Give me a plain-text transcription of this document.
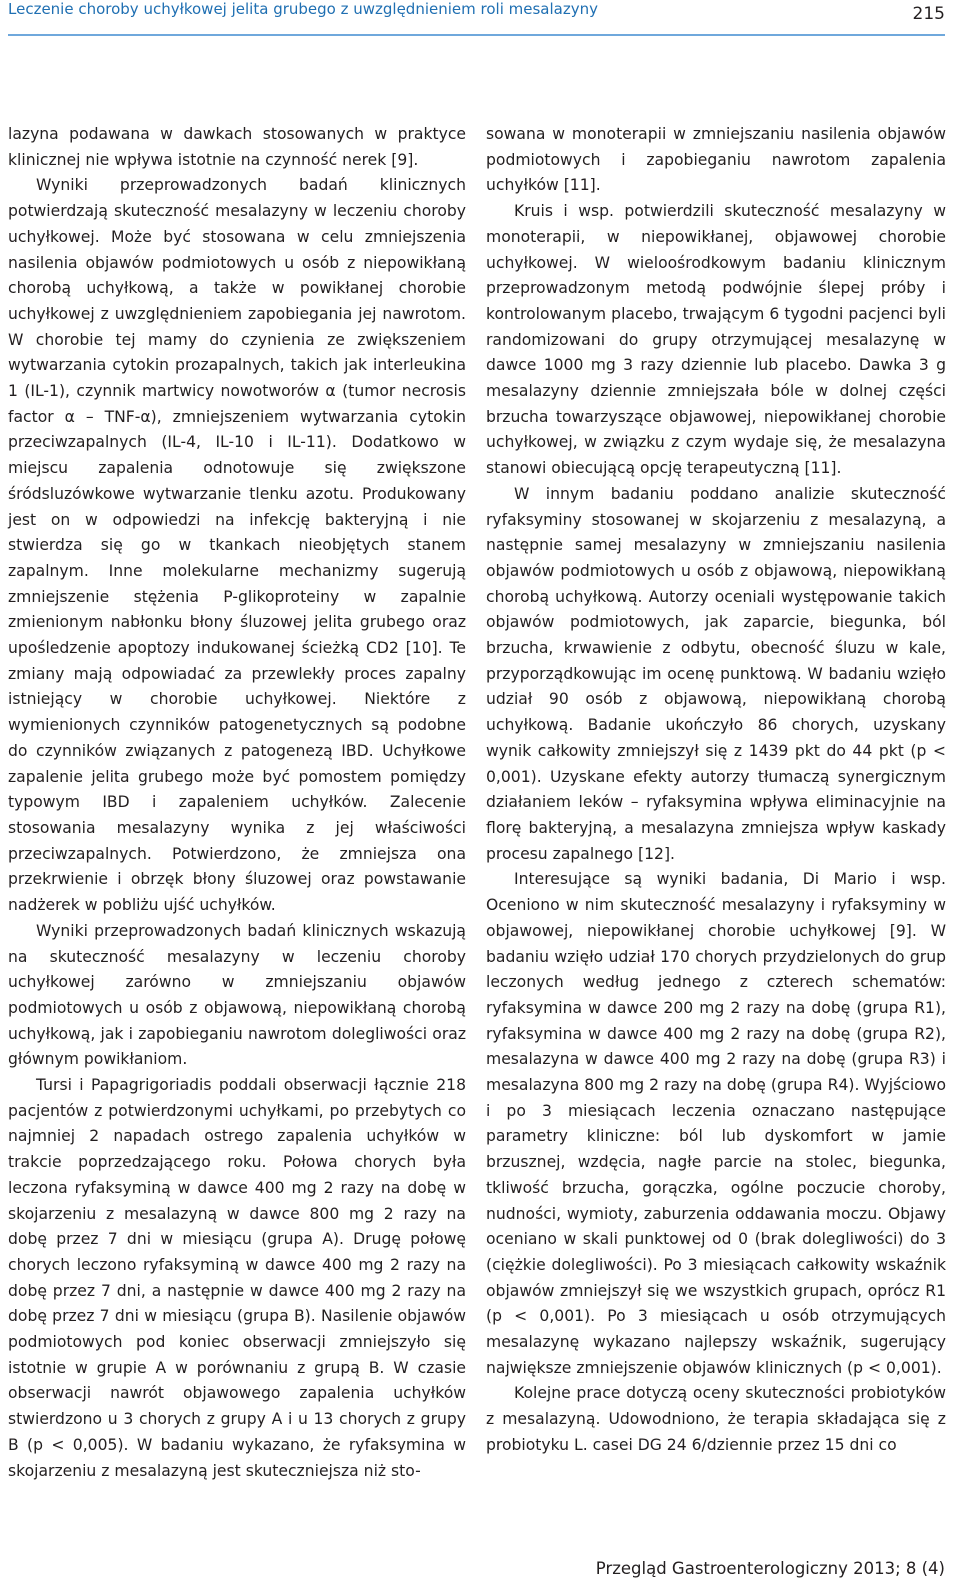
Leczenie choroby uchyłkowej jelita grubego z uwzględnieniem roli mesalazyny	215

lazyna podawana w dawkach stosowanych w praktyce klinicznej nie wpływa istotnie na czynność nerek [9].

Wyniki przeprowadzonych badań klinicznych potwierdzają skuteczność mesalazyny w leczeniu choroby uchyłkowej. Może być stosowana w celu zmniejszenia nasilenia objawów podmiotowych u osób z niepowikłaną chorobą uchyłkową, a także w powikłanej chorobie uchyłkowej z uwzględnieniem zapobiegania jej nawrotom. W chorobie tej mamy do czynienia ze zwiększeniem wytwarzania cytokin prozapalnych, takich jak interleukina 1 (IL-1), czynnik martwicy nowotworów α (tumor necrosis factor α – TNF-α), zmniejszeniem wytwarzania cytokin przeciwzapalnych (IL-4, IL-10 i IL-11). Dodatkowo w miejscu zapalenia odnotowuje się zwiększone śródsluzówkowe wytwarzanie tlenku azotu. Produkowany jest on w odpowiedzi na infekcję bakteryjną i nie stwierdza się go w tkankach nieobjętych stanem zapalnym. Inne molekularne mechanizmy sugerują zmniejszenie stężenia P-glikoproteiny w zapalnie zmienionym nabłonku błony śluzowej jelita grubego oraz upośledzenie apoptozy indukowanej ścieżką CD2 [10]. Te zmiany mają odpowiadać za przewlekły proces zapalny istniejący w chorobie uchyłkowej. Niektóre z wymienionych czynników patogenetycznych są podobne do czynników związanych z patogenezą IBD. Uchyłkowe zapalenie jelita grubego może być pomostem pomiędzy typowym IBD i zapaleniem uchyłków. Zalecenie stosowania mesalazyny wynika z jej właściwości przeciwzapalnych. Potwierdzono, że zmniejsza ona przekrwienie i obrzęk błony śluzowej oraz powstawanie nadżerek w pobliżu ujść uchyłków.

Wyniki przeprowadzonych badań klinicznych wskazują na skuteczność mesalazyny w leczeniu choroby uchyłkowej zarówno w zmniejszaniu objawów podmiotowych u osób z objawową, niepowikłaną chorobą uchyłkową, jak i zapobieganiu nawrotom dolegliwości oraz głównym powikłaniom.

Tursi i Papagrigoriadis poddali obserwacji łącznie 218 pacjentów z potwierdzonymi uchyłkami, po przebytych co najmniej 2 napadach ostrego zapalenia uchyłków w trakcie poprzedzającego roku. Połowa chorych była leczona ryfaksyminą w dawce 400 mg 2 razy na dobę w skojarzeniu z mesalazyną w dawce 800 mg 2 razy na dobę przez 7 dni w miesiącu (grupa A). Drugę połowę chorych leczono ryfaksyminą w dawce 400 mg 2 razy na dobę przez 7 dni, a następnie w dawce 400 mg 2 razy na dobę przez 7 dni w miesiącu (grupa B). Nasilenie objawów podmiotowych pod koniec obserwacji zmniejszyło się istotnie w grupie A w porównaniu z grupą B. W czasie obserwacji nawrót objawowego zapalenia uchyłków stwierdzono u 3 chorych z grupy A i u 13 chorych z grupy B (p < 0,005). W badaniu wykazano, że ryfaksymina w skojarzeniu z mesalazyną jest skuteczniejsza niż sto-

sowana w monoterapii w zmniejszaniu nasilenia objawów podmiotowych i zapobieganiu nawrotom zapalenia uchyłków [11].

Kruis i wsp. potwierdzili skuteczność mesalazyny w monoterapii, w niepowikłanej, objawowej chorobie uchyłkowej. W wieloośrodkowym badaniu klinicznym przeprowadzonym metodą podwójnie ślepej próby i kontrolowanym placebo, trwającym 6 tygodni pacjenci byli randomizowani do grupy otrzymującej mesalazynę w dawce 1000 mg 3 razy dziennie lub placebo. Dawka 3 g mesalazyny dziennie zmniejszała bóle w dolnej części brzucha towarzyszące objawowej, niepowikłanej chorobie uchyłkowej, w związku z czym wydaje się, że mesalazyna stanowi obiecującą opcję terapeutyczną [11].

W innym badaniu poddano analizie skuteczność ryfaksyminy stosowanej w skojarzeniu z mesalazyną, a następnie samej mesalazyny w zmniejszaniu nasilenia objawów podmiotowych u osób z objawową, niepowikłaną chorobą uchyłkową. Autorzy oceniali występowanie takich objawów podmiotowych, jak zaparcie, biegunka, ból brzucha, krwawienie z odbytu, obecność śluzu w kale, przyporządkowując im ocenę punktową. W badaniu wzięło udział 90 osób z objawową, niepowikłaną chorobą uchyłkową. Badanie ukończyło 86 chorych, uzyskany wynik całkowity zmniejszył się z 1439 pkt do 44 pkt (p < 0,001). Uzyskane efekty autorzy tłumaczą synergicznym działaniem leków – ryfaksymina wpływa eliminacyjnie na florę bakteryjną, a mesalazyna zmniejsza wpływ kaskady procesu zapalnego [12].

Interesujące są wyniki badania, Di Mario i wsp. Oceniono w nim skuteczność mesalazyny i ryfaksyminy w objawowej, niepowikłanej chorobie uchyłkowej [9]. W badaniu wzięło udział 170 chorych przydzielonych do grup leczonych według jednego z czterech schematów: ryfaksymina w dawce 200 mg 2 razy na dobę (grupa R1), ryfaksymina w dawce 400 mg 2 razy na dobę (grupa R2), mesalazyna w dawce 400 mg 2 razy na dobę (grupa R3) i mesalazyna 800 mg 2 razy na dobę (grupa R4). Wyjściowo i po 3 miesiącach leczenia oznaczano następujące parametry kliniczne: ból lub dyskomfort w jamie brzusznej, wzdęcia, nagłe parcie na stolec, biegunka, tkliwość brzucha, gorączka, ogólne poczucie choroby, nudności, wymioty, zaburzenia oddawania moczu. Objawy oceniano w skali punktowej od 0 (brak dolegliwości) do 3 (ciężkie dolegliwości). Po 3 miesiącach całkowity wskaźnik objawów zmniejszył się we wszystkich grupach, oprócz R1 (p < 0,001). Po 3 miesiącach u osób otrzymujących mesalazynę wykazano najlepszy wskaźnik, sugerujący największe zmniejszenie objawów klinicznych (p < 0,001).

Kolejne prace dotyczą oceny skuteczności probiotyków z mesalazyną. Udowodniono, że terapia składająca się z probiotyku L. casei DG 24 6/dziennie przez 15 dni co

Przegląd Gastroenterologiczny 2013; 8 (4)
